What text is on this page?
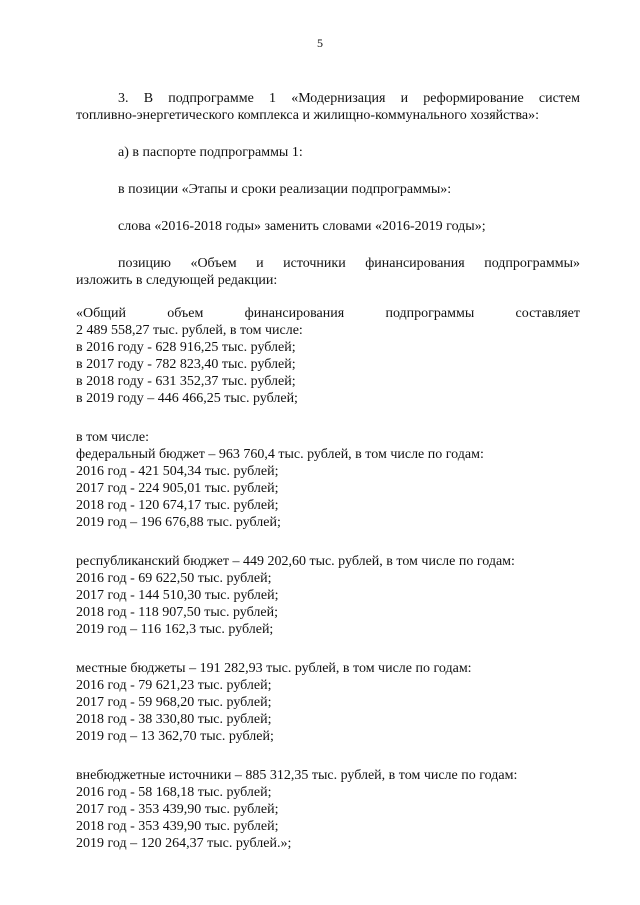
5
3. В подпрограмме 1 «Модернизация и реформирование систем
топливно-энергетического комплекса и жилищно-коммунального хозяйства»:
а) в паспорте подпрограммы 1:
в позиции «Этапы и сроки реализации подпрограммы»:
слова «2016-2018 годы» заменить словами «2016-2019 годы»;
позицию «Объем и источники финансирования подпрограммы»
изложить в следующей редакции:
«Общий объем финансирования подпрограммы составляет
2 489 558,27 тыс. рублей, в том числе:
в 2016 году - 628 916,25 тыс. рублей;
в 2017 году - 782 823,40 тыс. рублей;
в 2018 году - 631 352,37 тыс. рублей;
в 2019 году – 446 466,25 тыс. рублей;
в том числе:
федеральный бюджет – 963 760,4 тыс. рублей, в том числе по годам:
2016 год - 421 504,34 тыс. рублей;
2017 год - 224 905,01 тыс. рублей;
2018 год - 120 674,17 тыс. рублей;
2019 год – 196 676,88 тыс. рублей;
республиканский бюджет – 449 202,60 тыс. рублей, в том числе по годам:
2016 год - 69 622,50 тыс. рублей;
2017 год - 144 510,30 тыс. рублей;
2018 год - 118 907,50 тыс. рублей;
2019 год – 116 162,3 тыс. рублей;
местные бюджеты – 191 282,93 тыс. рублей, в том числе по годам:
2016 год - 79 621,23 тыс. рублей;
2017 год - 59 968,20 тыс. рублей;
2018 год - 38 330,80 тыс. рублей;
2019 год – 13 362,70 тыс. рублей;
внебюджетные источники – 885 312,35 тыс. рублей, в том числе по годам:
2016 год - 58 168,18 тыс. рублей;
2017 год - 353 439,90 тыс. рублей;
2018 год - 353 439,90 тыс. рублей;
2019 год – 120 264,37 тыс. рублей.»;
